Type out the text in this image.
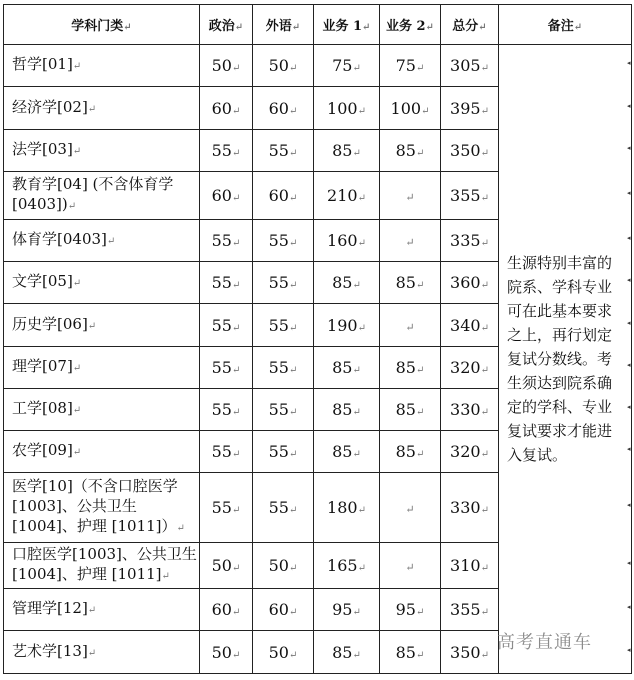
学科门类↵	政治↵	外语↵	业务 1↵	业务 2↵	总分↵	备注↵
哲学[01]↵	50↵	50↵	75↵	75↵	305↵	生源特别丰富的院系、学科专业可在此基本要求之上，再行划定复试分数线。考生须达到院系确定的学科、专业复试要求才能进入复试。
经济学[02]↵	60↵	60↵	100↵	100↵	395↵	
法学[03]↵	55↵	55↵	85↵	85↵	350↵	
教育学[04] (不含体育学[0403])↵	60↵	60↵	210↵	↵	355↵	
体育学[0403]↵	55↵	55↵	160↵	↵	335↵	
文学[05]↵	55↵	55↵	85↵	85↵	360↵	
历史学[06]↵	55↵	55↵	190↵	↵	340↵	
理学[07]↵	55↵	55↵	85↵	85↵	320↵	
工学[08]↵	55↵	55↵	85↵	85↵	330↵	
农学[09]↵	55↵	55↵	85↵	85↵	320↵	
医学[10]（不含口腔医学[1003]、公共卫生[1004]、护理 [1011]）↵	55↵	55↵	180↵	↵	330↵	
口腔医学[1003]、公共卫生 [1004]、护理 [1011]↵	50↵	50↵	165↵	↵	310↵	
管理学[12]↵	60↵	60↵	95↵	95↵	355↵	
艺术学[13]↵	50↵	50↵	85↵	85↵	350↵	
◂
◂
◂
◂
◂
◂
◂
◂
◂
◂
◂
◂
◂
◂
高考直通车
